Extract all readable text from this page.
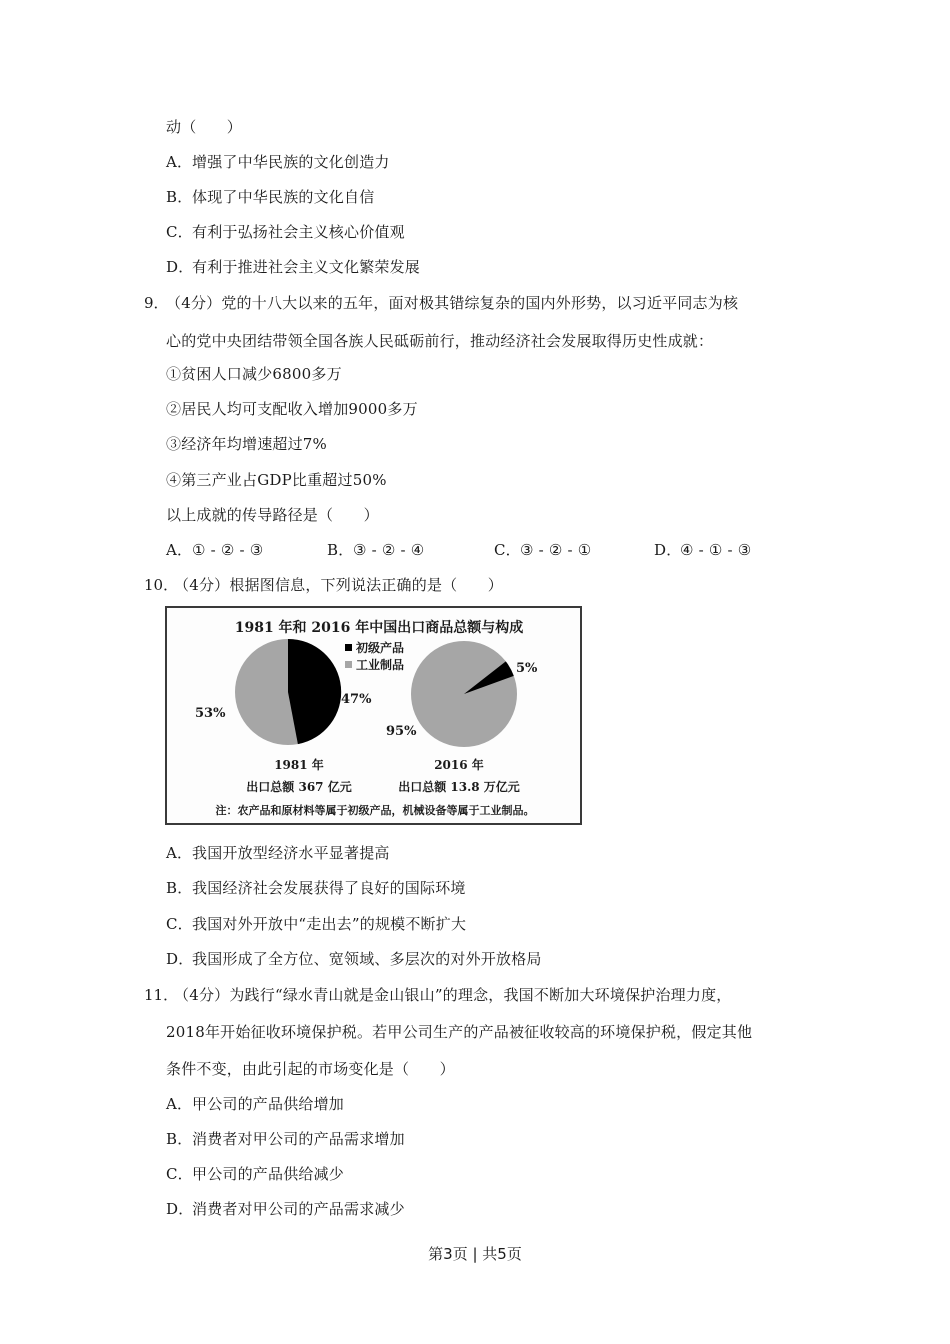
动（　　）
A．增强了中华民族的文化创造力
B．体现了中华民族的文化自信
C．有利于弘扬社会主义核心价值观
D．有利于推进社会主义文化繁荣发展
9．
（4分）党的十八大以来的五年，面对极其错综复杂的国内外形势，以习近平同志为核
心的党中央团结带领全国各族人民砥砺前行，推动经济社会发展取得历史性成就：
①贫困人口减少6800多万
②居民人均可支配收入增加9000多万
③经济年均增速超过7%
④第三产业占GDP比重超过50%
以上成就的传导路径是（　　）
A．① - ② - ③	B．③ - ② - ④	C．③ - ② - ①	D．④ - ① - ③
10．
（4分）根据图信息，下列说法正确的是（　　）
1981 年和 2016 年中国出口商品总额与构成
初级产品
工业制品
47%
53%
5%
95%
1981 年	2016 年
出口总额 367 亿元	出口总额 13.8 万亿元
注：农产品和原材料等属于初级产品，机械设备等属于工业制品。
A．我国开放型经济水平显著提高
B．我国经济社会发展获得了良好的国际环境
C．我国对外开放中“走出去”的规模不断扩大
D．我国形成了全方位、宽领域、多层次的对外开放格局
11．
（4分）为践行“绿水青山就是金山银山”的理念，我国不断加大环境保护治理力度，
2018年开始征收环境保护税。若甲公司生产的产品被征收较高的环境保护税，假定其他
条件不变，由此引起的市场变化是（　　）
A．甲公司的产品供给增加
B．消费者对甲公司的产品需求增加
C．甲公司的产品供给减少
D．消费者对甲公司的产品需求减少
第3页 | 共5页
